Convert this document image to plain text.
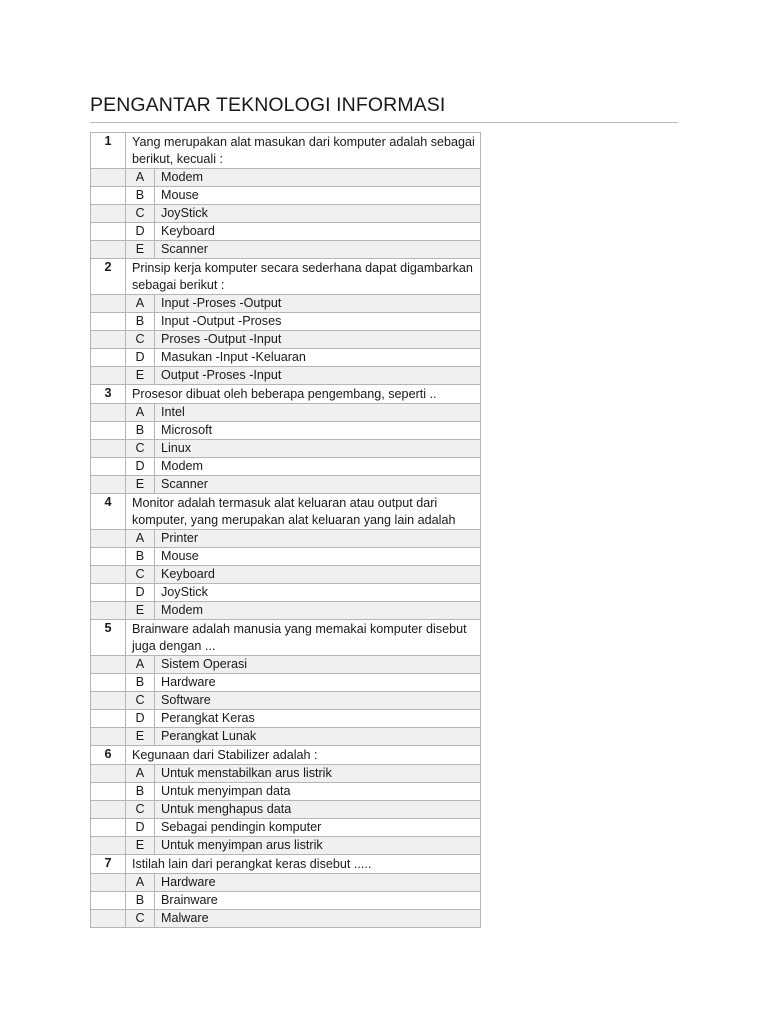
PENGANTAR TEKNOLOGI INFORMASI
1	Yang merupakan alat masukan dari komputer adalah sebagai berikut, kecuali :	
	A	Modem
	B	Mouse
	C	JoyStick
	D	Keyboard
	E	Scanner
2	Prinsip kerja komputer secara sederhana dapat digambarkan sebagai berikut :	
	A	Input -Proses -Output
	B	Input -Output -Proses
	C	Proses -Output -Input
	D	Masukan -Input -Keluaran
	E	Output -Proses -Input
3	Prosesor dibuat oleh beberapa pengembang, seperti ..	
	A	Intel
	B	Microsoft
	C	Linux
	D	Modem
	E	Scanner
4	Monitor adalah termasuk alat keluaran atau output dari komputer, yang merupakan alat keluaran yang lain adalah	
	A	Printer
	B	Mouse
	C	Keyboard
	D	JoyStick
	E	Modem
5	Brainware adalah manusia yang memakai komputer disebut juga dengan ...	
	A	Sistem Operasi
	B	Hardware
	C	Software
	D	Perangkat Keras
	E	Perangkat Lunak
6	Kegunaan dari Stabilizer adalah :	
	A	Untuk menstabilkan arus listrik
	B	Untuk menyimpan data
	C	Untuk menghapus data
	D	Sebagai pendingin komputer
	E	Untuk menyimpan arus listrik
7	Istilah lain dari perangkat keras disebut .....	
	A	Hardware
	B	Brainware
	C	Malware
